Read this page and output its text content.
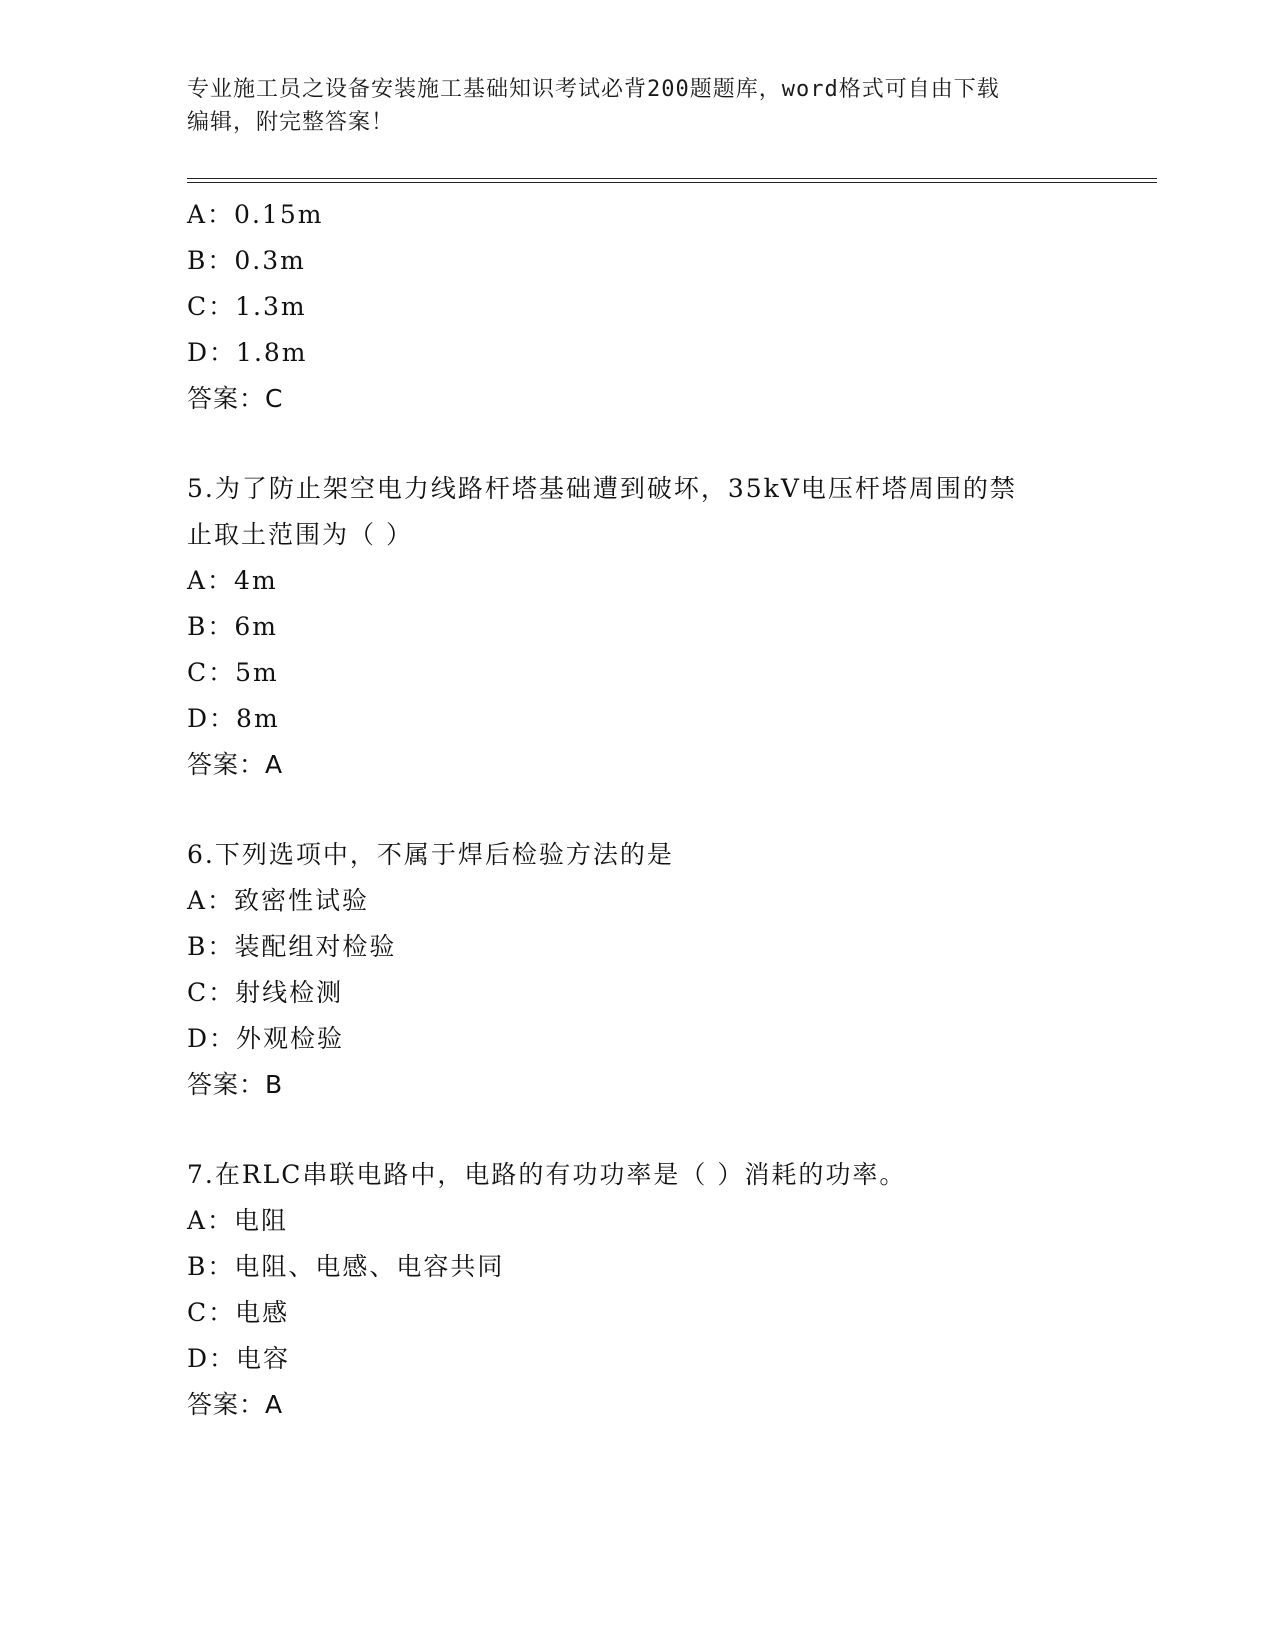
专业施工员之设备安装施工基础知识考试必背200题题库，word格式可自由下载
编辑，附完整答案！
A：0.15m
B：0.3m
C：1.3m
D：1.8m
答案：C
5.为了防止架空电力线路杆塔基础遭到破坏，35kV电压杆塔周围的禁
止取土范围为（ ）
A：4m
B：6m
C：5m
D：8m
答案：A
6.下列选项中，不属于焊后检验方法的是
A：致密性试验
B：装配组对检验
C：射线检测
D：外观检验
答案：B
7.在RLC串联电路中，电路的有功功率是（ ）消耗的功率。
A：电阻
B：电阻、电感、电容共同
C：电感
D：电容
答案：A
